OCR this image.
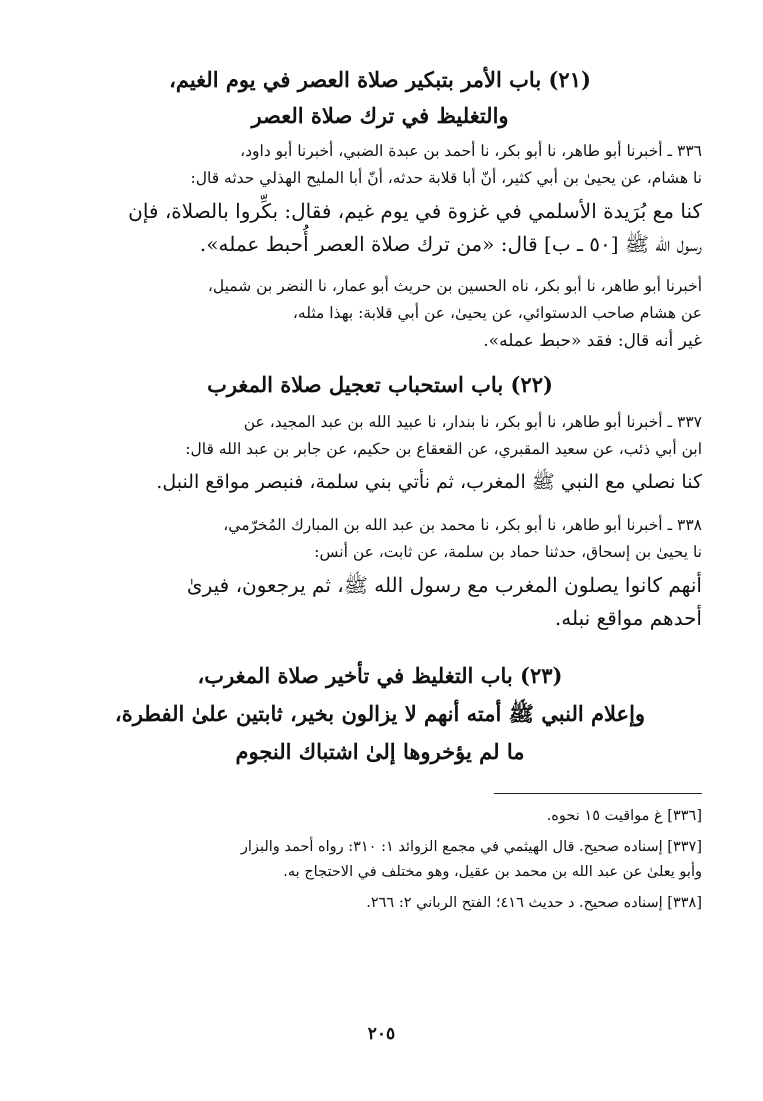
(٢١) باب الأمر بتبكير صلاة العصر في يوم الغيم،
والتغليظ في ترك صلاة العصر

٣٣٦ ـ أخبرنا أبو طاهر، نا أبو بكر، نا أحمد بن عبدة الضبي، أخبرنا أبو داود،
نا هشام، عن يحيىٰ بن أبي كثير، أنّ أبا قلابة حدثه، أنّ أبا المليح الهذلي حدثه قال:

كنا مع بُرَيدة الأسلمي في غزوة في يوم غيم، فقال: بكِّروا بالصلاة، فإن
رسول الله ﷺ [٥٠ ـ ب] قال: «من ترك صلاة العصر أُحبط عمله».

أخبرنا أبو طاهر، نا أبو بكر، ناه الحسين بن حريث أبو عمار، نا النضر بن شميل،
عن هشام صاحب الدستوائي، عن يحيىٰ، عن أبي قلابة: بهذا مثله،

غير أنه قال: فقد «حبط عمله».

(٢٢) باب استحباب تعجيل صلاة المغرب

٣٣٧ ـ أخبرنا أبو طاهر، نا أبو بكر، نا بندار، نا عبيد الله بن عبد المجيد، عن
ابن أبي ذئب، عن سعيد المقبري، عن القعقاع بن حكيم، عن جابر بن عبد الله قال:

كنا نصلي مع النبي ﷺ المغرب، ثم نأتي بني سلمة، فنبصر مواقع النبل.

٣٣٨ ـ أخبرنا أبو طاهر، نا أبو بكر، نا محمد بن عبد الله بن المبارك المُخرّمي،
نا يحيىٰ بن إسحاق، حدثنا حماد بن سلمة، عن ثابت، عن أنس:

أنهم كانوا يصلون المغرب مع رسول الله ﷺ، ثم يرجعون، فيرىٰ
أحدهم مواقع نبله.

(٢٣) باب التغليظ في تأخير صلاة المغرب،
وإعلام النبي ﷺ أمته أنهم لا يزالون بخير، ثابتين علىٰ الفطرة،
ما لم يؤخروها إلىٰ اشتباك النجوم

[٣٣٦] غ مواقيت ١٥ نحوه.

[٣٣٧] إسناده صحيح. قال الهيثمي في مجمع الزوائد ١: ٣١٠: رواه أحمد والبزار
وأبو يعلىٰ عن عبد الله بن محمد بن عقيل، وهو مختلف في الاحتجاج به.

[٣٣٨] إسناده صحيح. د حديث ٤١٦؛ الفتح الرباني ٢: ٢٦٦.

٢٠٥
